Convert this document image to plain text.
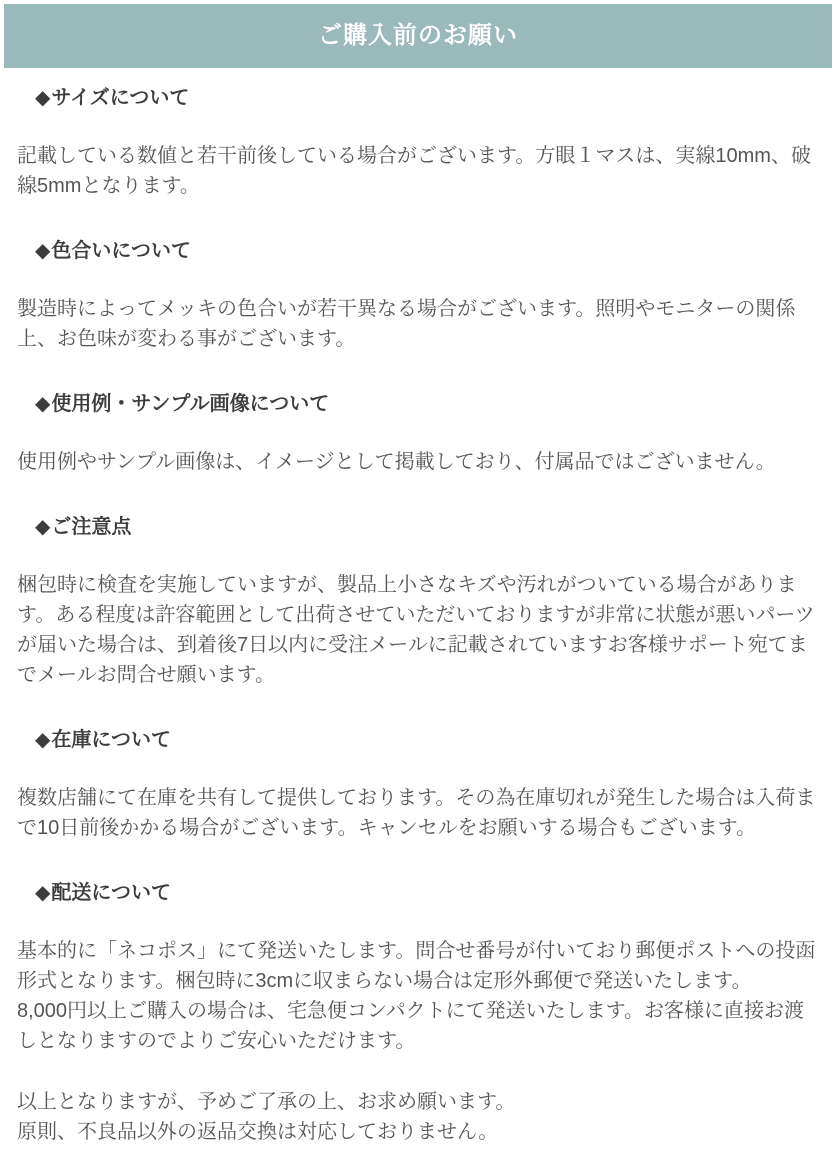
ご購入前のお願い
◆サイズについて

記載している数値と若干前後している場合がございます。方眼１マスは、実線10mm、破線5mmとなります。

◆色合いについて

製造時によってメッキの色合いが若干異なる場合がございます。照明やモニターの関係上、お色味が変わる事がございます。

◆使用例・サンプル画像について

使用例やサンプル画像は、イメージとして掲載しており、付属品ではございません。

◆ご注意点

梱包時に検査を実施していますが、製品上小さなキズや汚れがついている場合があります。ある程度は許容範囲として出荷させていただいておりますが非常に状態が悪いパーツが届いた場合は、到着後7日以内に受注メールに記載されていますお客様サポート宛てまでメールお問合せ願います。

◆在庫について

複数店舗にて在庫を共有して提供しております。その為在庫切れが発生した場合は入荷まで10日前後かかる場合がございます。キャンセルをお願いする場合もございます。

◆配送について

基本的に「ネコポス」にて発送いたします。問合せ番号が付いており郵便ポストへの投函形式となります。梱包時に3cmに収まらない場合は定形外郵便で発送いたします。
8,000円以上ご購入の場合は、宅急便コンパクトにて発送いたします。お客様に直接お渡しとなりますのでよりご安心いただけます。

以上となりますが、予めご了承の上、お求め願います。
原則、不良品以外の返品交換は対応しておりません。
